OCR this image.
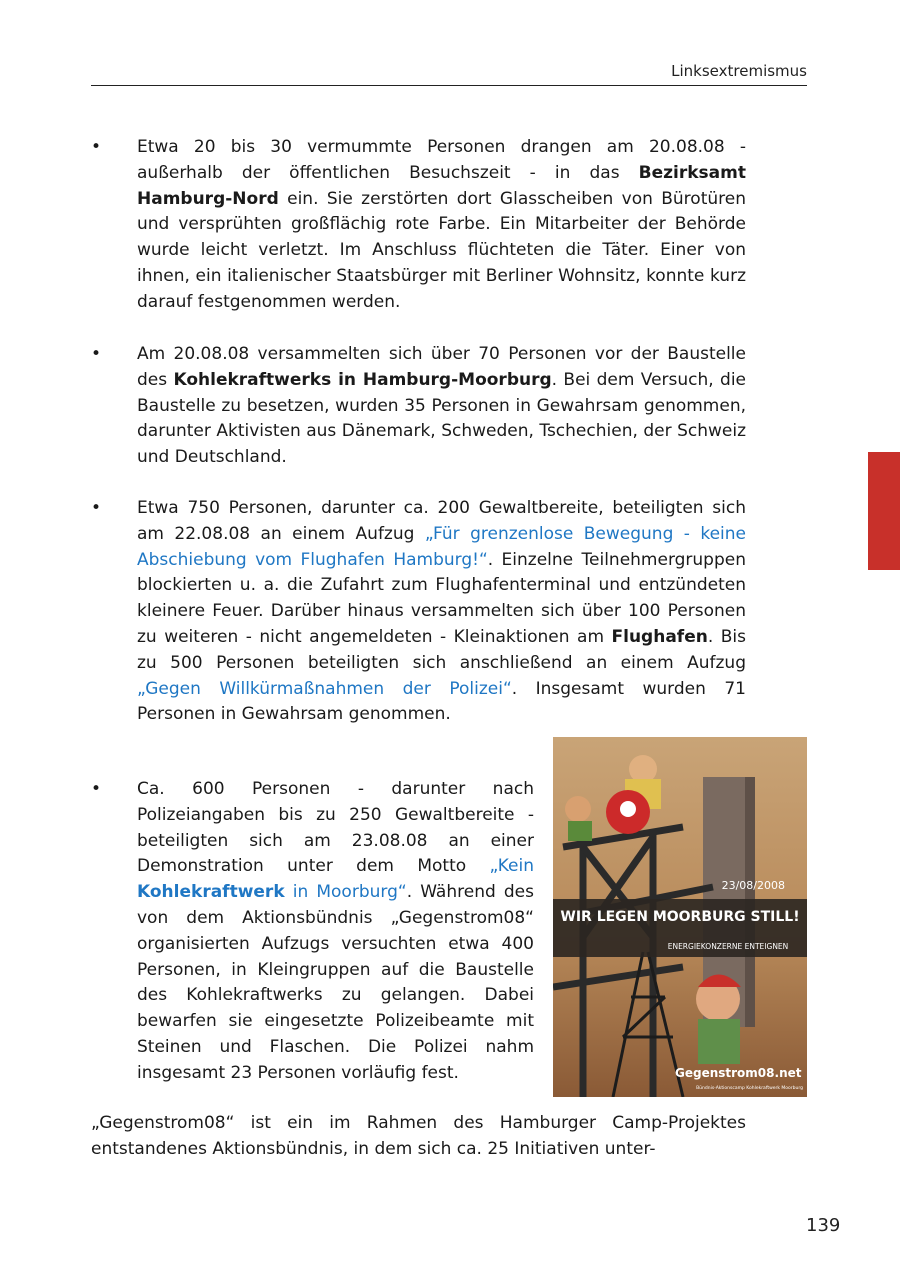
Linksextremismus
• Etwa 20 bis 30 vermummte Personen drangen am 20.08.08 - außerhalb der öffentlichen Besuchszeit - in das Bezirksamt Hamburg-Nord ein. Sie zerstörten dort Glasscheiben von Bürotüren und versprühten großflächig rote Farbe. Ein Mitarbeiter der Behörde wurde leicht verletzt. Im Anschluss flüchteten die Täter. Einer von ihnen, ein italienischer Staatsbürger mit Berliner Wohnsitz, konnte kurz darauf festgenommen werden.

• Am 20.08.08 versammelten sich über 70 Personen vor der Baustelle des Kohlekraftwerks in Hamburg-Moorburg. Bei dem Versuch, die Baustelle zu besetzen, wurden 35 Personen in Gewahrsam genommen, darunter Aktivisten aus Dänemark, Schweden, Tschechien, der Schweiz und Deutschland.

• Etwa 750 Personen, darunter ca. 200 Gewaltbereite, beteiligten sich am 22.08.08 an einem Aufzug „Für grenzenlose Bewegung - keine Abschiebung vom Flughafen Hamburg!“. Einzelne Teilnehmergruppen blockierten u. a. die Zufahrt zum Flughafenterminal und entzündeten kleinere Feuer. Darüber hinaus versammelten sich über 100 Personen zu weiteren - nicht angemeldeten - Kleinaktionen am Flughafen. Bis zu 500 Personen beteiligten sich anschließend an einem Aufzug „Gegen Willkürmaßnahmen der Polizei“. Insgesamt wurden 71 Personen in Gewahrsam genommen.

• Ca. 600 Personen - darunter nach Polizeiangaben bis zu 250 Gewaltbereite - beteiligten sich am 23.08.08 an einer Demonstration unter dem Motto „Kein Kohlekraftwerk in Moorburg“. Während des von dem Aktionsbündnis „Gegenstrom08“ organisierten Aufzugs versuchten etwa 400 Personen, in Kleingruppen auf die Baustelle des Kohlekraftwerks zu gelangen. Dabei bewarfen sie eingesetzte Polizeibeamte mit Steinen und Flaschen. Die Polizei nahm insgesamt 23 Personen vorläufig fest.

23/08/2008
WIR LEGEN MOORBURG STILL!
ENERGIEKONZERNE ENTEIGNEN
Gegenstrom08.net
Bündnis-Aktionscamp Kohlekraftwerk Moorburg

„Gegenstrom08“ ist ein im Rahmen des Hamburger Camp-Projektes entstandenes Aktionsbündnis, in dem sich ca. 25 Initiativen unter-

139
